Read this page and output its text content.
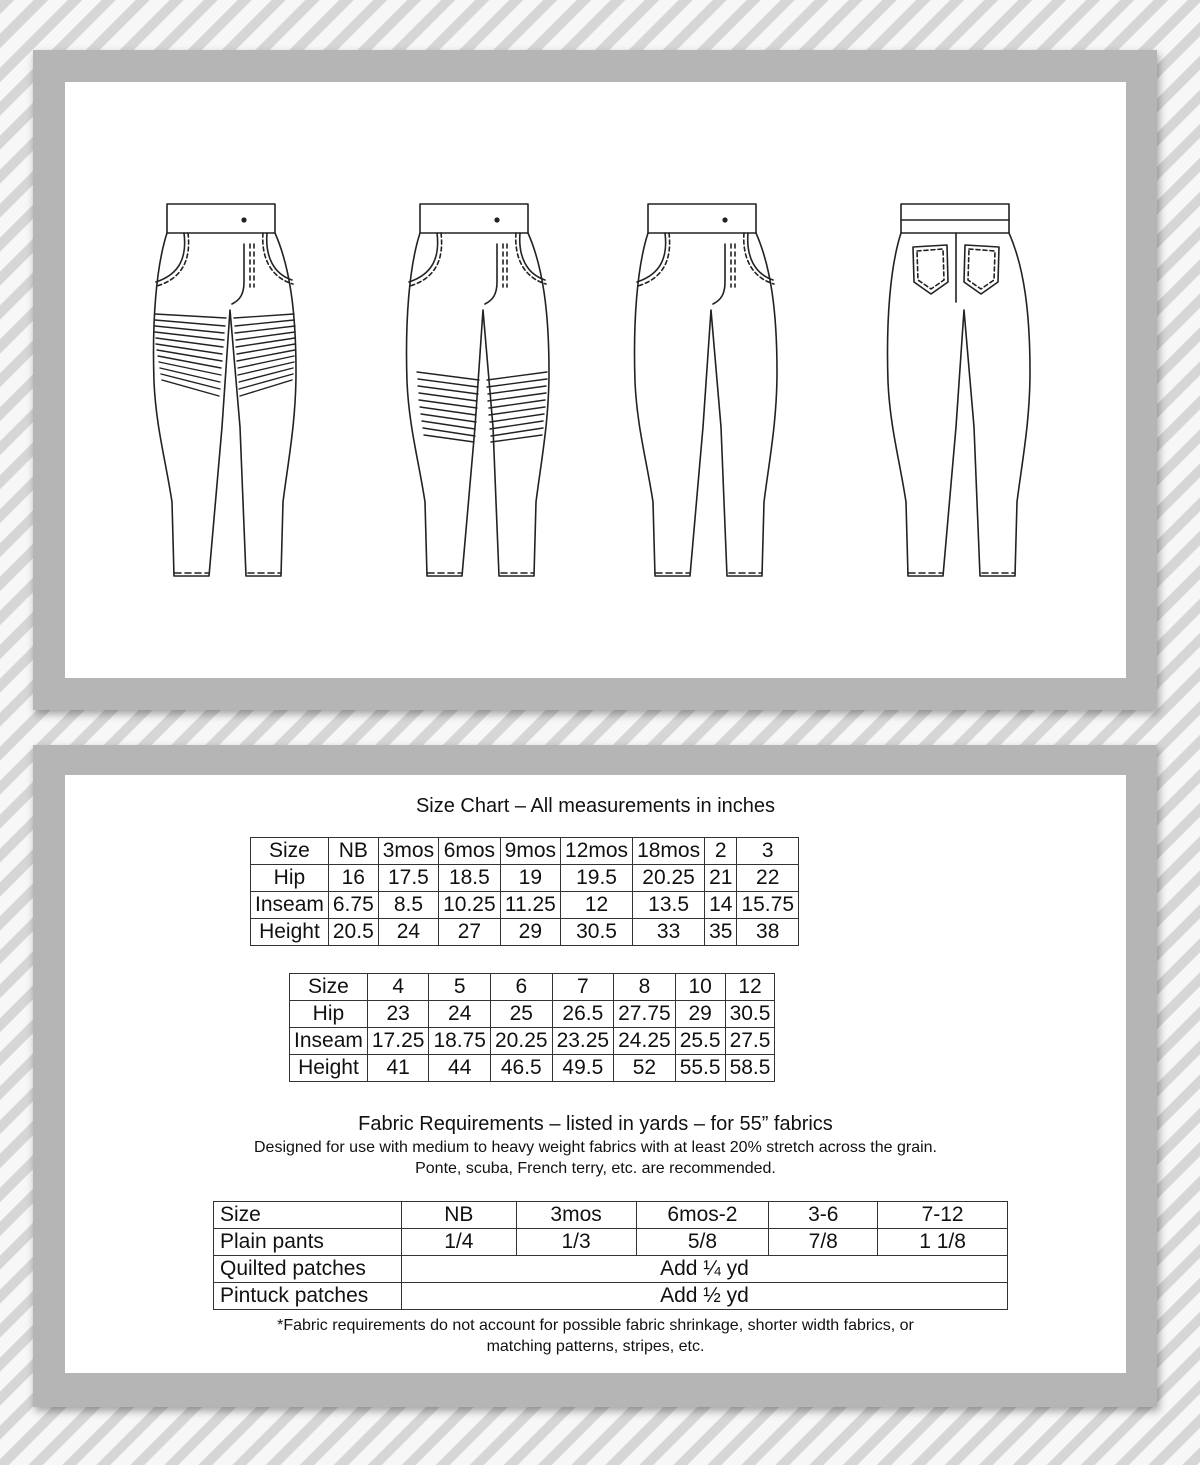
Size Chart – All measurements in inches
Size	NB	3mos	6mos	9mos	12mos	18mos	2	3
Hip	16	17.5	18.5	19	19.5	20.25	21	22
Inseam	6.75	8.5	10.25	11.25	12	13.5	14	15.75
Height	20.5	24	27	29	30.5	33	35	38
Size	4	5	6	7	8	10	12
Hip	23	24	25	26.5	27.75	29	30.5
Inseam	17.25	18.75	20.25	23.25	24.25	25.5	27.5
Height	41	44	46.5	49.5	52	55.5	58.5
Fabric Requirements – listed in yards – for 55” fabrics
Designed for use with medium to heavy weight fabrics with at least 20% stretch across the grain.
Ponte, scuba, French terry, etc. are recommended.
Size	NB	3mos	6mos-2	3-6	7-12
Plain pants	1/4	1/3	5/8	7/8	1 1/8
Quilted patches	Add ¼ yd				
Pintuck patches	Add ½ yd				
*Fabric requirements do not account for possible fabric shrinkage, shorter width fabrics, or
matching patterns, stripes, etc.
